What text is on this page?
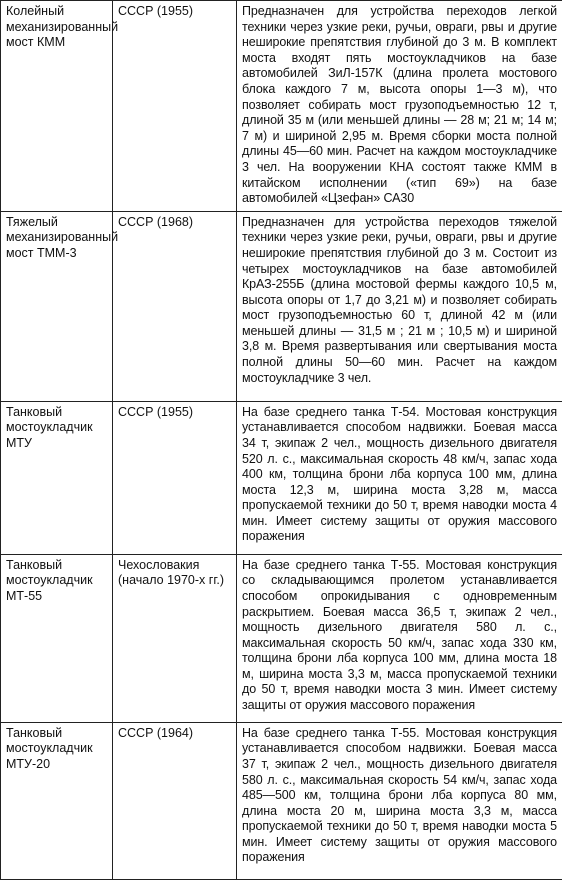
Колейный механизированный мост КММ	СССР (1955)	Предназначен для устройства переходов легкой техники через узкие реки, ручьи, овраги, рвы и другие неширокие препятствия глубиной до 3 м. В комплект моста входят пять мостоукладчиков на базе автомобилей ЗиЛ-157К (длина пролета мостового блока каждого 7 м, высота опоры 1—3 м), что позволяет собирать мост грузоподъемностью 12 т, длиной 35 м (или меньшей длины — 28 м; 21 м; 14 м; 7 м) и шириной 2,95 м. Время сборки моста полной длины 45—60 мин. Расчет на каждом мостоукладчике 3 чел. На вооружении КНА состоят также КММ в китайском исполнении («тип 69») на базе автомобилей «Цзефан» СА30
Тяжелый механизированный мост ТММ-3	СССР (1968)	Предназначен для устройства переходов тяжелой техники через узкие реки, ручьи, овраги, рвы и другие неширокие препятствия глубиной до 3 м. Состоит из четырех мостоукладчиков на базе автомобилей КрАЗ-255Б (длина мостовой фермы каждого 10,5 м, высота опоры от 1,7 до 3,21 м) и позволяет собирать мост грузоподъемностью 60 т, длиной 42 м (или меньшей длины — 31,5 м ; 21 м ; 10,5 м) и шириной 3,8 м. Время развертывания или свертывания моста полной длины 50—60 мин. Расчет на каждом мостоукладчике 3 чел.
Танковый мостоукладчик МТУ	СССР (1955)	На базе среднего танка Т-54. Мостовая конструкция устанавливается способом надвижки. Боевая масса 34 т, экипаж 2 чел., мощность дизельного двигателя 520 л. с., максимальная скорость 48 км/ч, запас хода 400 км, толщина брони лба корпуса 100 мм, длина моста 12,3 м, ширина моста 3,28 м, масса пропускаемой техники до 50 т, время наводки моста 4 мин. Имеет систему защиты от оружия массового поражения
Танковый мостоукладчик МТ-55	Чехословакия (начало 1970-х гг.)	На базе среднего танка Т-55. Мостовая конструкция со складывающимся пролетом устанавливается способом опрокидывания с одновременным раскрытием. Боевая масса 36,5 т, экипаж 2 чел., мощность дизельного двигателя 580 л. с., максимальная скорость 50 км/ч, запас хода 330 км, толщина брони лба корпуса 100 мм, длина моста 18 м, ширина моста 3,3 м, масса пропускаемой техники до 50 т, время наводки моста 3 мин. Имеет систему защиты от оружия массового поражения
Танковый мостоукладчик МТУ-20	СССР (1964)	На базе среднего танка Т-55. Мостовая конструкция устанавливается способом надвижки. Боевая масса 37 т, экипаж 2 чел., мощность дизельного двигателя 580 л. с., максимальная скорость 54 км/ч, запас хода 485—500 км, толщина брони лба корпуса 80 мм, длина моста 20 м, ширина моста 3,3 м, масса пропускаемой техники до 50 т, время наводки моста 5 мин. Имеет систему защиты от оружия массового поражения
